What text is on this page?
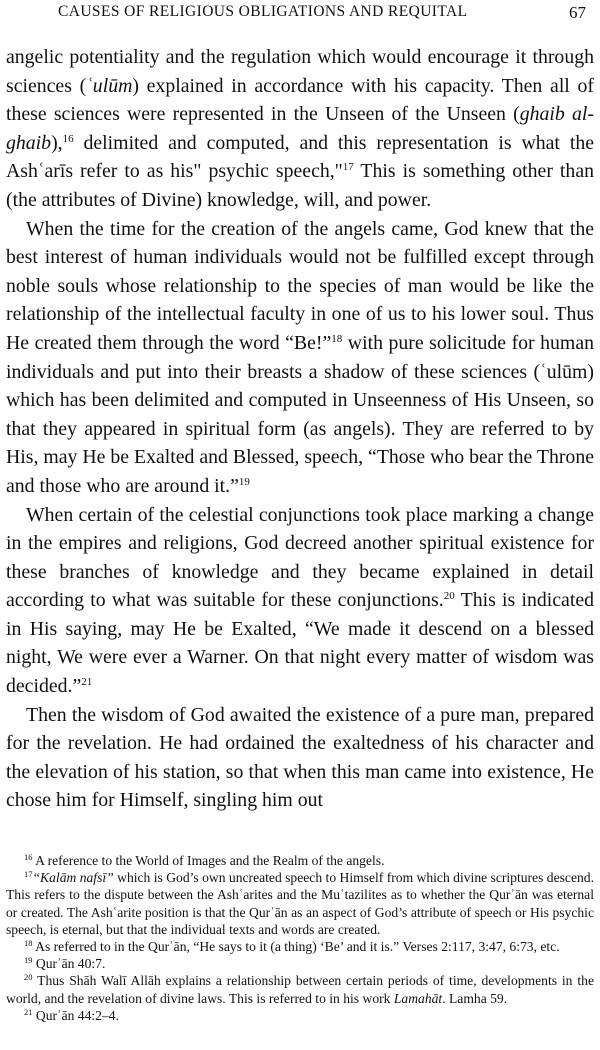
CAUSES OF RELIGIOUS OBLIGATIONS AND REQUITAL	67

angelic potentiality and the regulation which would encourage it through sciences (ʿulūm) explained in accordance with his capacity. Then all of these sciences were represented in the Unseen of the Unseen (ghaib al-ghaib),$^{16}$ delimited and computed, and this representation is what the Ashʿarīs refer to as his" psychic speech,"$^{17}$ This is something other than (the attributes of Divine) knowledge, will, and power.

When the time for the creation of the angels came, God knew that the best interest of human individuals would not be fulfilled except through noble souls whose relationship to the species of man would be like the relationship of the intellectual faculty in one of us to his lower soul. Thus He created them through the word “Be!”$^{18}$ with pure solicitude for human individuals and put into their breasts a shadow of these sciences (ʿulūm) which has been delimited and computed in Unseenness of His Unseen, so that they appeared in spiritual form (as angels). They are referred to by His, may He be Exalted and Blessed, speech, “Those who bear the Throne and those who are around it.”$^{19}$

When certain of the celestial conjunctions took place marking a change in the empires and religions, God decreed another spiritual existence for these branches of knowledge and they became explained in detail according to what was suitable for these conjunctions.$^{20}$ This is indicated in His saying, may He be Exalted, “We made it descend on a blessed night, We were ever a Warner. On that night every matter of wisdom was decided.”$^{21}$

Then the wisdom of God awaited the existence of a pure man, prepared for the revelation. He had ordained the exaltedness of his character and the elevation of his station, so that when this man came into existence, He chose him for Himself, singling him out

$^{16}$ A reference to the World of Images and the Realm of the angels.

$^{17}$“Kalām nafsī” which is God’s own uncreated speech to Himself from which divine scriptures descend. This refers to the dispute between the Ashʿarites and the Muʿtazilites as to whether the Qurʾān was eternal or created. The Ashʿarite position is that the Qurʾān as an aspect of God’s attribute of speech or His psychic speech, is eternal, but that the individual texts and words are created.

$^{18}$ As referred to in the Qurʾān, “He says to it (a thing) ‘Be’ and it is.” Verses 2:117, 3:47, 6:73, etc.

$^{19}$ Qurʾān 40:7.

$^{20}$ Thus Shāh Walī Allāh explains a relationship between certain periods of time, developments in the world, and the revelation of divine laws. This is referred to in his work Lamahāt. Lamha 59.

$^{21}$ Qurʾān 44:2–4.
